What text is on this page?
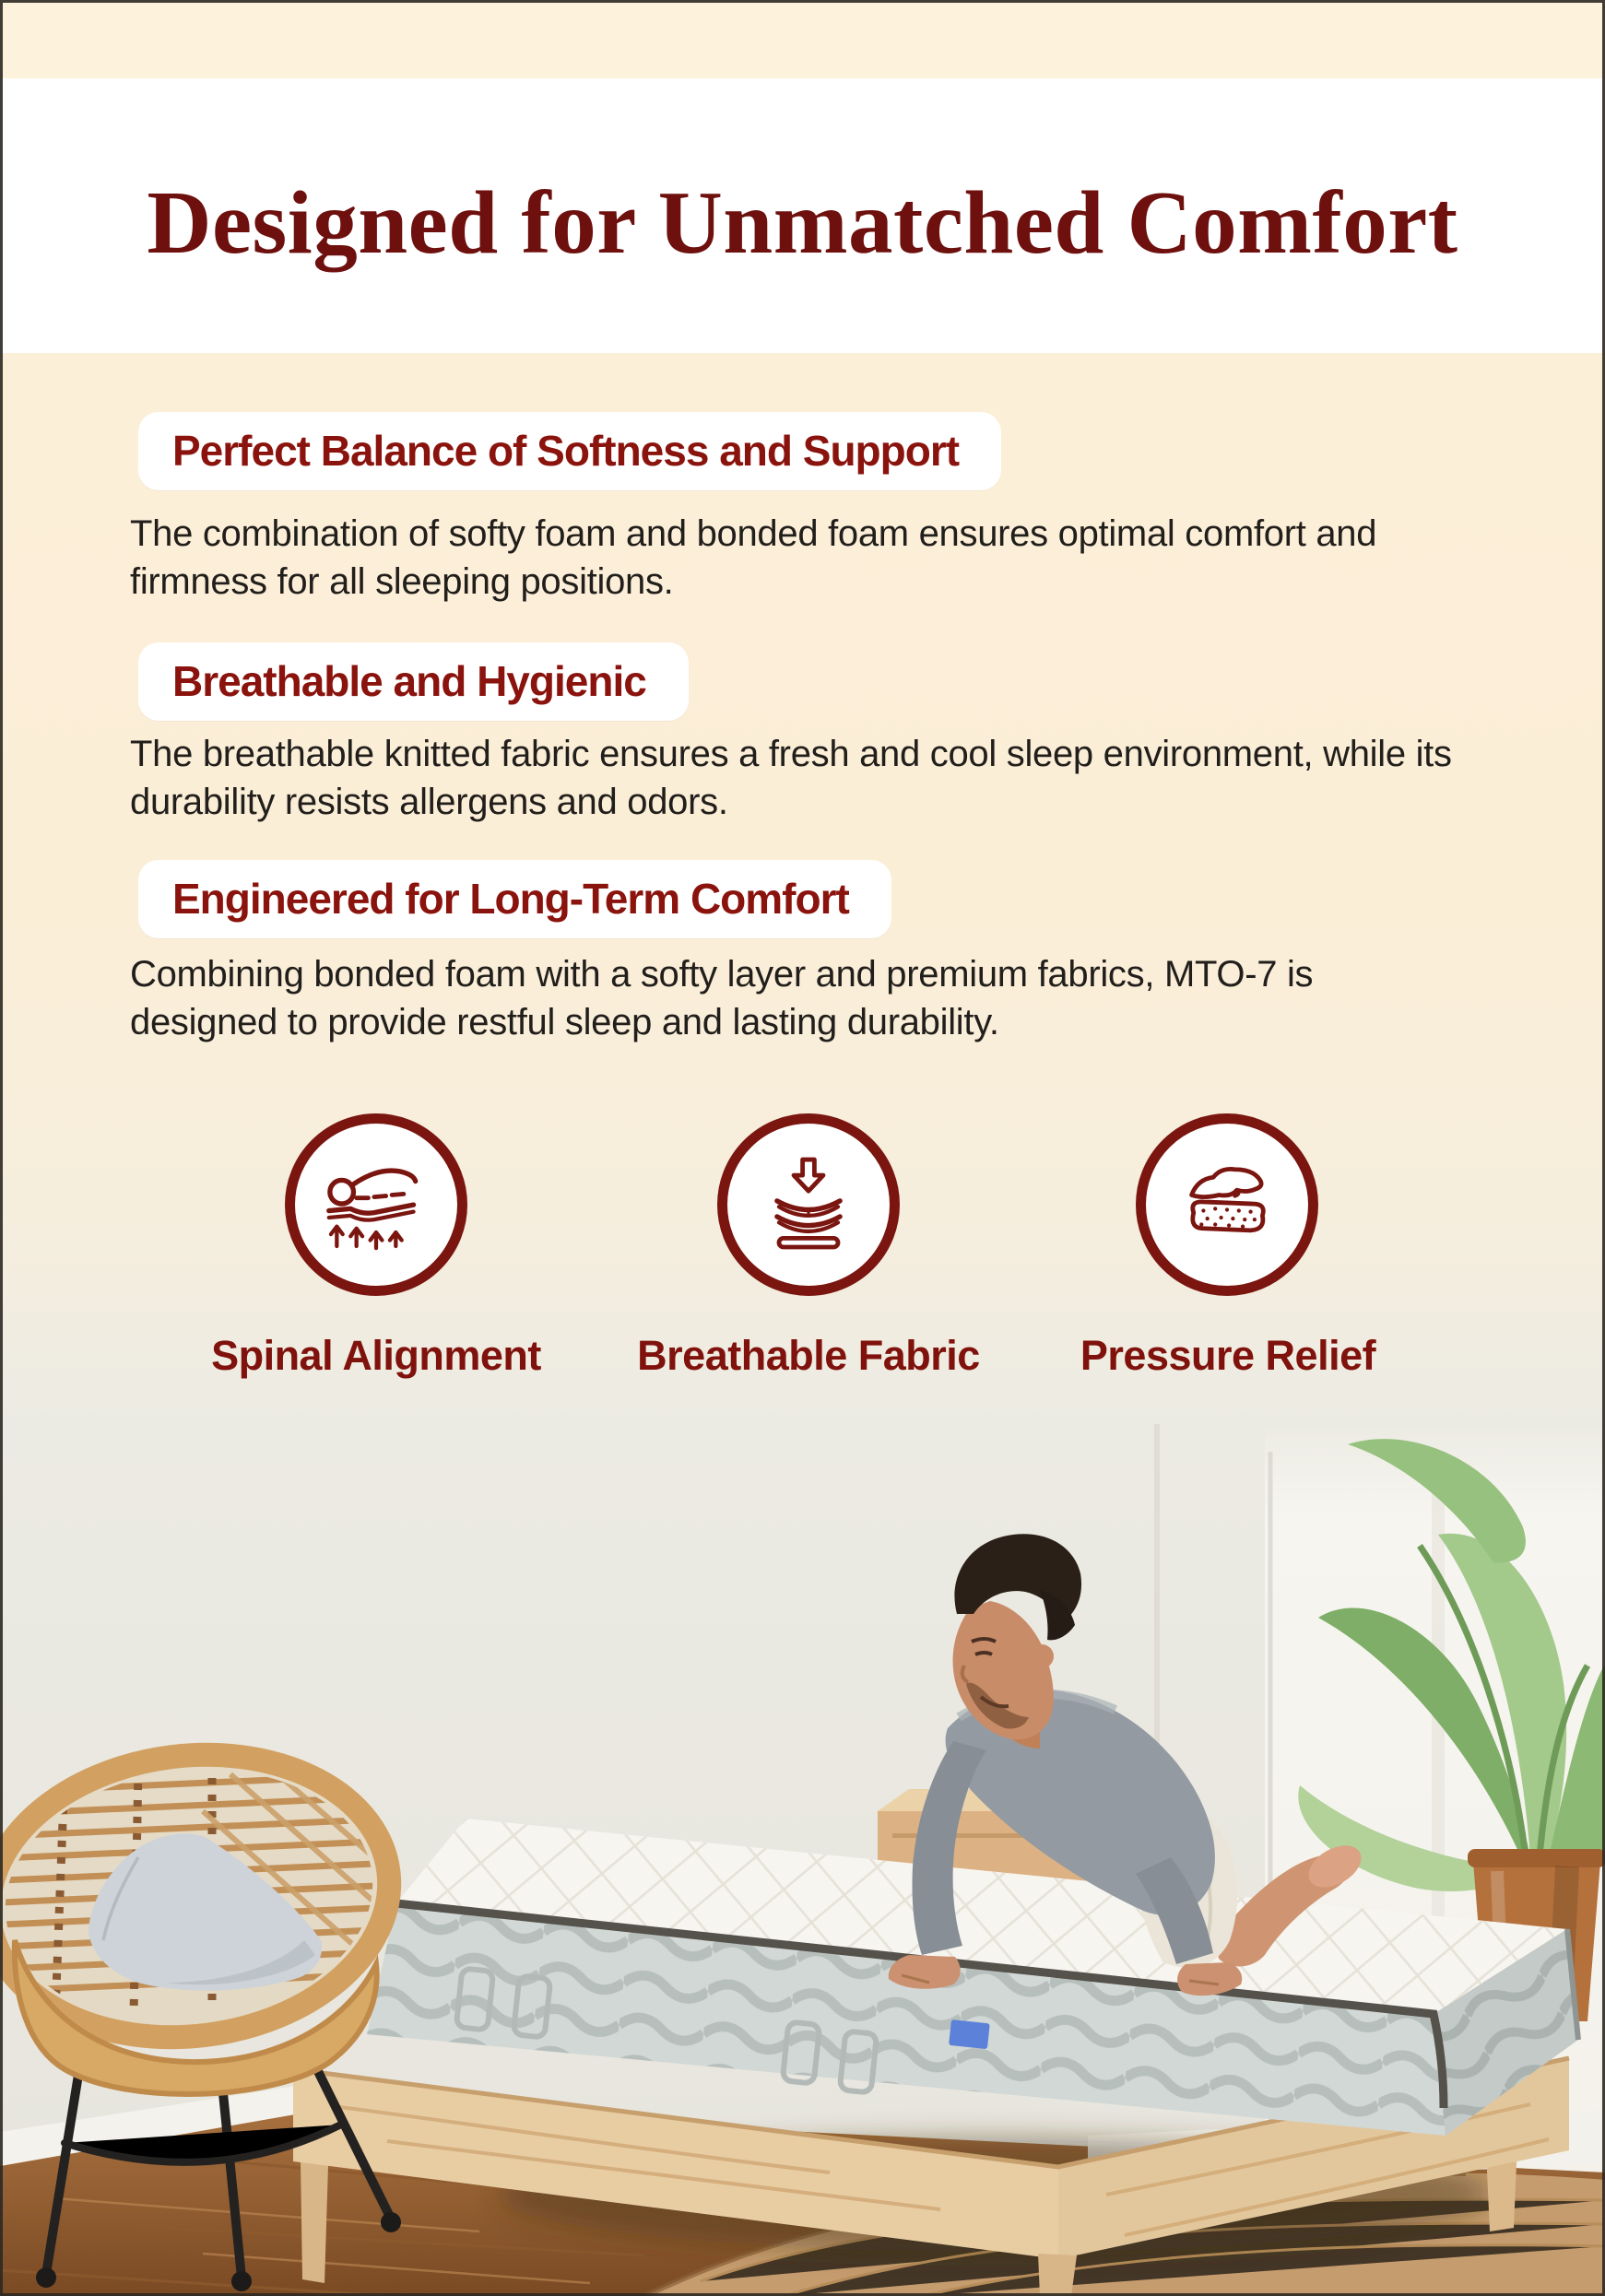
Designed for Unmatched Comfort
Perfect Balance of Softness and Support

The combination of softy foam and bonded foam ensures optimal comfort and firmness for all sleeping positions.

Breathable and Hygienic

The breathable knitted fabric ensures a fresh and cool sleep environment, while its durability resists allergens and odors.

Engineered for Long-Term Comfort

Combining bonded foam with a softy layer and premium fabrics, MTO-7 is designed to provide restful sleep and lasting durability.

Spinal Alignment	Breathable Fabric	Pressure Relief
